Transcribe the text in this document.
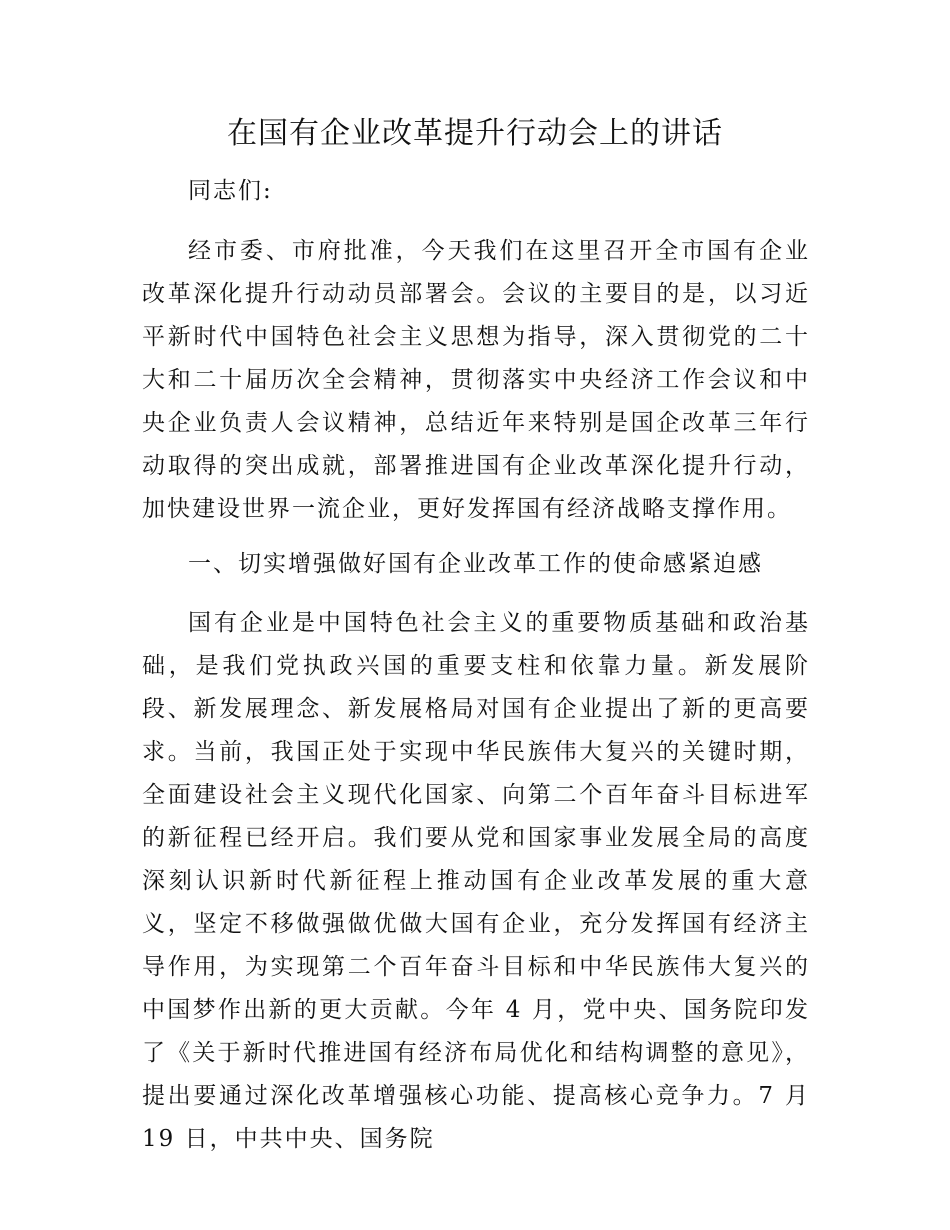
在国有企业改革提升行动会上的讲话

同志们:

经市委、市府批准，今天我们在这里召开全市国有企业改革深化提升行动动员部署会。会议的主要目的是，以习近平新时代中国特色社会主义思想为指导，深入贯彻党的二十大和二十届历次全会精神，贯彻落实中央经济工作会议和中央企业负责人会议精神，总结近年来特别是国企改革三年行动取得的突出成就，部署推进国有企业改革深化提升行动，加快建设世界一流企业，更好发挥国有经济战略支撑作用。

一、切实增强做好国有企业改革工作的使命感紧迫感

国有企业是中国特色社会主义的重要物质基础和政治基础，是我们党执政兴国的重要支柱和依靠力量。新发展阶段、新发展理念、新发展格局对国有企业提出了新的更高要求。当前，我国正处于实现中华民族伟大复兴的关键时期，全面建设社会主义现代化国家、向第二个百年奋斗目标进军的新征程已经开启。我们要从党和国家事业发展全局的高度深刻认识新时代新征程上推动国有企业改革发展的重大意义，坚定不移做强做优做大国有企业，充分发挥国有经济主导作用，为实现第二个百年奋斗目标和中华民族伟大复兴的中国梦作出新的更大贡献。今年 4 月，党中央、国务院印发了《关于新时代推进国有经济布局优化和结构调整的意见》，提出要通过深化改革增强核心功能、提高核心竞争力。7 月 19 日，中共中央、国务院
